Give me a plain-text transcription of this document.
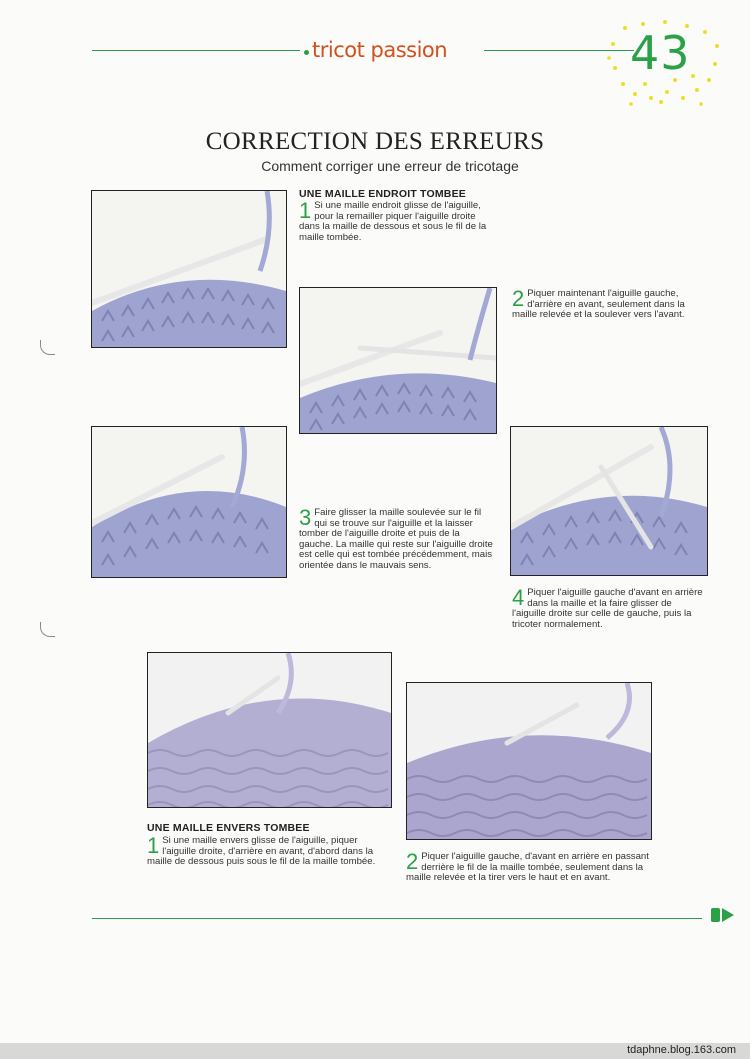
tricot passion	43
CORRECTION DES ERREURS
Comment corriger une erreur de tricotage
UNE MAILLE ENDROIT TOMBEE
1 Si une maille endroit glisse de l'aiguille, pour la remailler piquer l'aiguille droite dans la maille de dessous et sous le fil de la maille tombée.
2 Piquer maintenant l'aiguille gauche, d'arrière en avant, seulement dans la maille relevée et la soulever vers l'avant.
3 Faire glisser la maille soulevée sur le fil qui se trouve sur l'aiguille et la laisser tomber de l'aiguille droite et puis de la gauche. La maille qui reste sur l'aiguille droite est celle qui est tombée précédemment, mais orientée dans le mauvais sens.
4 Piquer l'aiguille gauche d'avant en arrière dans la maille et la faire glisser de l'aiguille droite sur celle de gauche, puis la tricoter normalement.
UNE MAILLE ENVERS TOMBEE
1 Si une maille envers glisse de l'aiguille, piquer l'aiguille droite, d'arrière en avant, d'abord dans la maille de dessous puis sous le fil de la maille tombée.	2 Piquer l'aiguille gauche, d'avant en arrière en passant derrière le fil de la maille tombée, seulement dans la maille relevée et la tirer vers le haut et en avant.
tdaphne.blog.163.com
